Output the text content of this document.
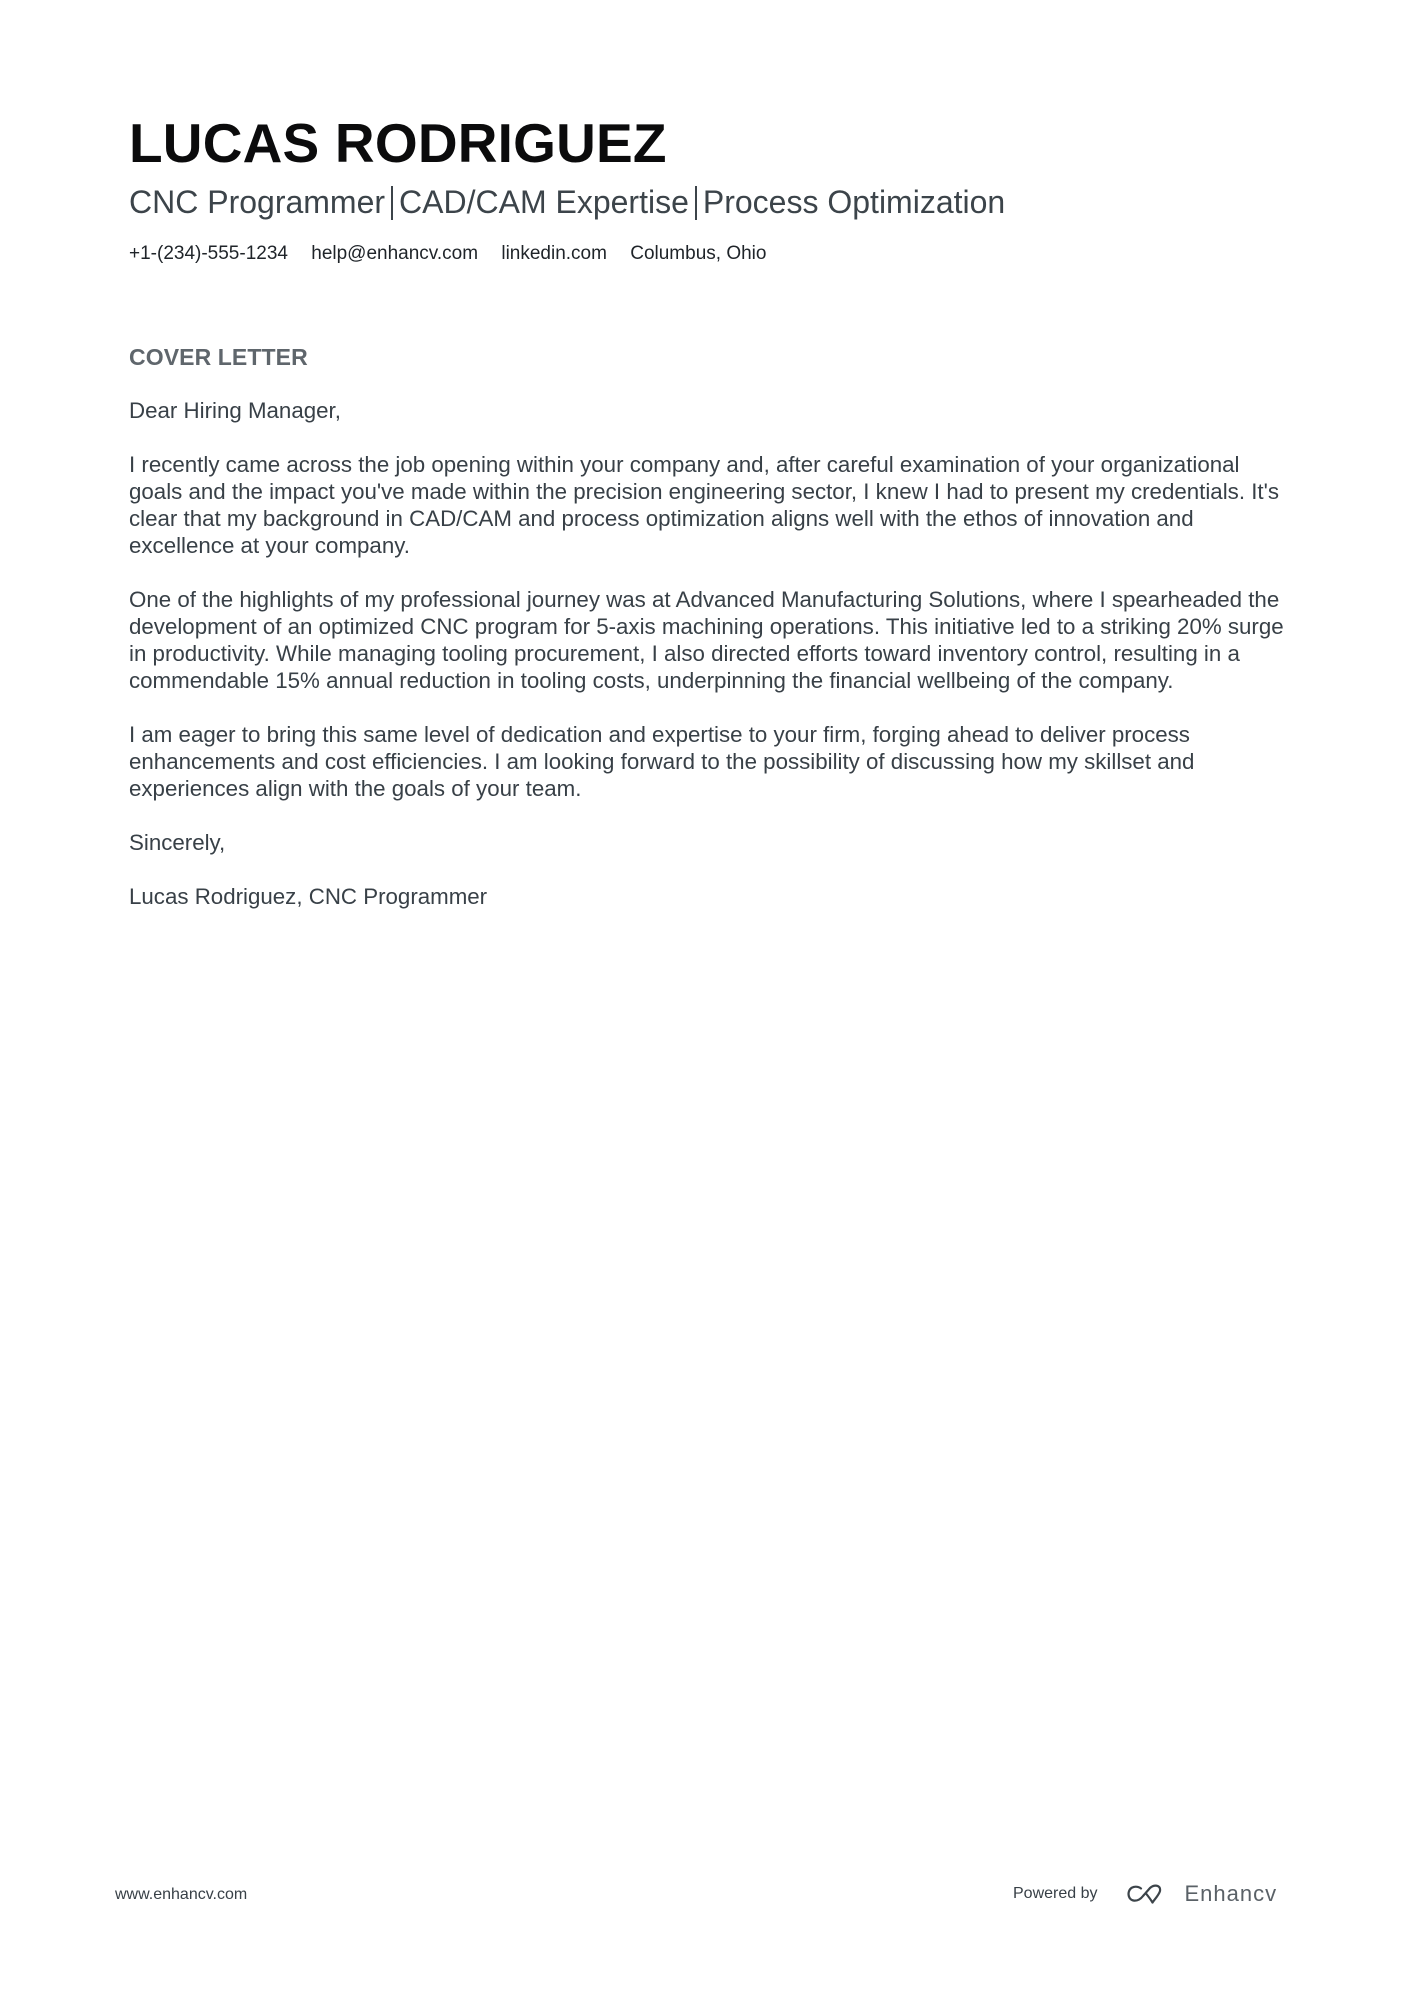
LUCAS RODRIGUEZ
CNC Programmer CAD/CAM Expertise Process Optimization
+1-(234)-555-1234 help@enhancv.com linkedin.com Columbus, Ohio
COVER LETTER

Dear Hiring Manager,

I recently came across the job opening within your company and, after careful examination of your organizational goals and the impact you've made within the precision engineering sector, I knew I had to present my credentials. It's clear that my background in CAD/CAM and process optimization aligns well with the ethos of innovation and excellence at your company.

One of the highlights of my professional journey was at Advanced Manufacturing Solutions, where I spearheaded the development of an optimized CNC program for 5-axis machining operations. This initiative led to a striking 20% surge in productivity. While managing tooling procurement, I also directed efforts toward inventory control, resulting in a commendable 15% annual reduction in tooling costs, underpinning the financial wellbeing of the company.

I am eager to bring this same level of dedication and expertise to your firm, forging ahead to deliver process enhancements and cost efficiencies. I am looking forward to the possibility of discussing how my skillset and experiences align with the goals of your team.

Sincerely,

Lucas Rodriguez, CNC Programmer

www.enhancv.com	Powered by	Enhancv
